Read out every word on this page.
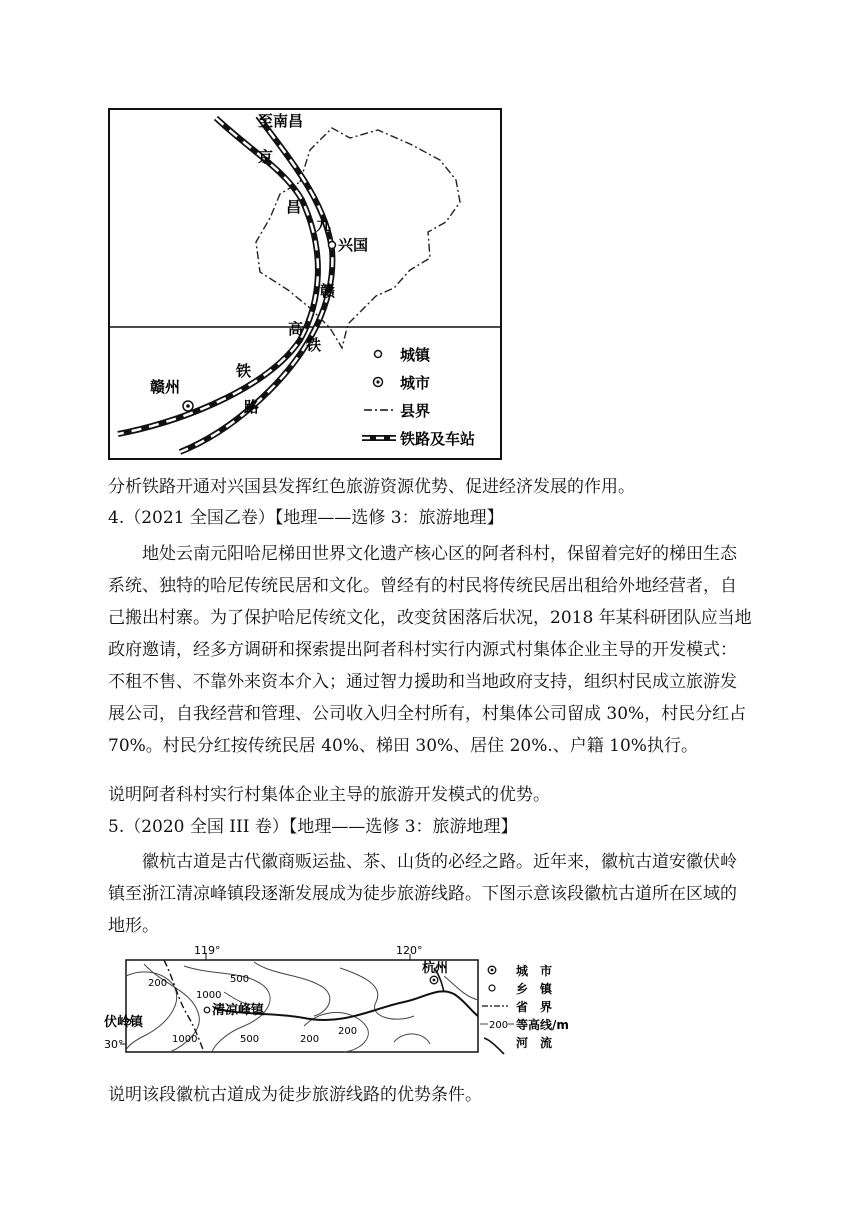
至南昌
京
昌
赣
九
兴国
高
铁
铁
路
赣州
城镇
城市
县界
铁路及车站
分析铁路开通对兴国县发挥红色旅游资源优势、促进经济发展的作用。
4.（2021 全国乙卷）【地理——选修 3：旅游地理】
地处云南元阳哈尼梯田世界文化遗产核心区的阿者科村，保留着完好的梯田生态
系统、独特的哈尼传统民居和文化。曾经有的村民将传统民居出租给外地经营者，自
己搬出村寨。为了保护哈尼传统文化，改变贫困落后状况，2018 年某科研团队应当地
政府邀请，经多方调研和探索提出阿者科村实行内源式村集体企业主导的开发模式：
不租不售、不靠外来资本介入；通过智力援助和当地政府支持，组织村民成立旅游发
展公司，自我经营和管理、公司收入归全村所有，村集体公司留成 30%，村民分红占
70%。村民分红按传统民居 40%、梯田 30%、居住 20%.、户籍 10%执行。
说明阿者科村实行村集体企业主导的旅游开发模式的优势。
5.（2020 全国 III 卷）【地理——选修 3：旅游地理】
徽杭古道是古代徽商贩运盐、茶、山货的必经之路。近年来，徽杭古道安徽伏岭
镇至浙江清凉峰镇段逐渐发展成为徒步旅游线路。下图示意该段徽杭古道所在区域的
地形。
119°	120°
30°
杭州
清凉峰镇
伏岭镇
200
200
200
500
500
1000
1000
城　市
乡　镇
省　界
200 等高线/m
河　流
说明该段徽杭古道成为徒步旅游线路的优势条件。
